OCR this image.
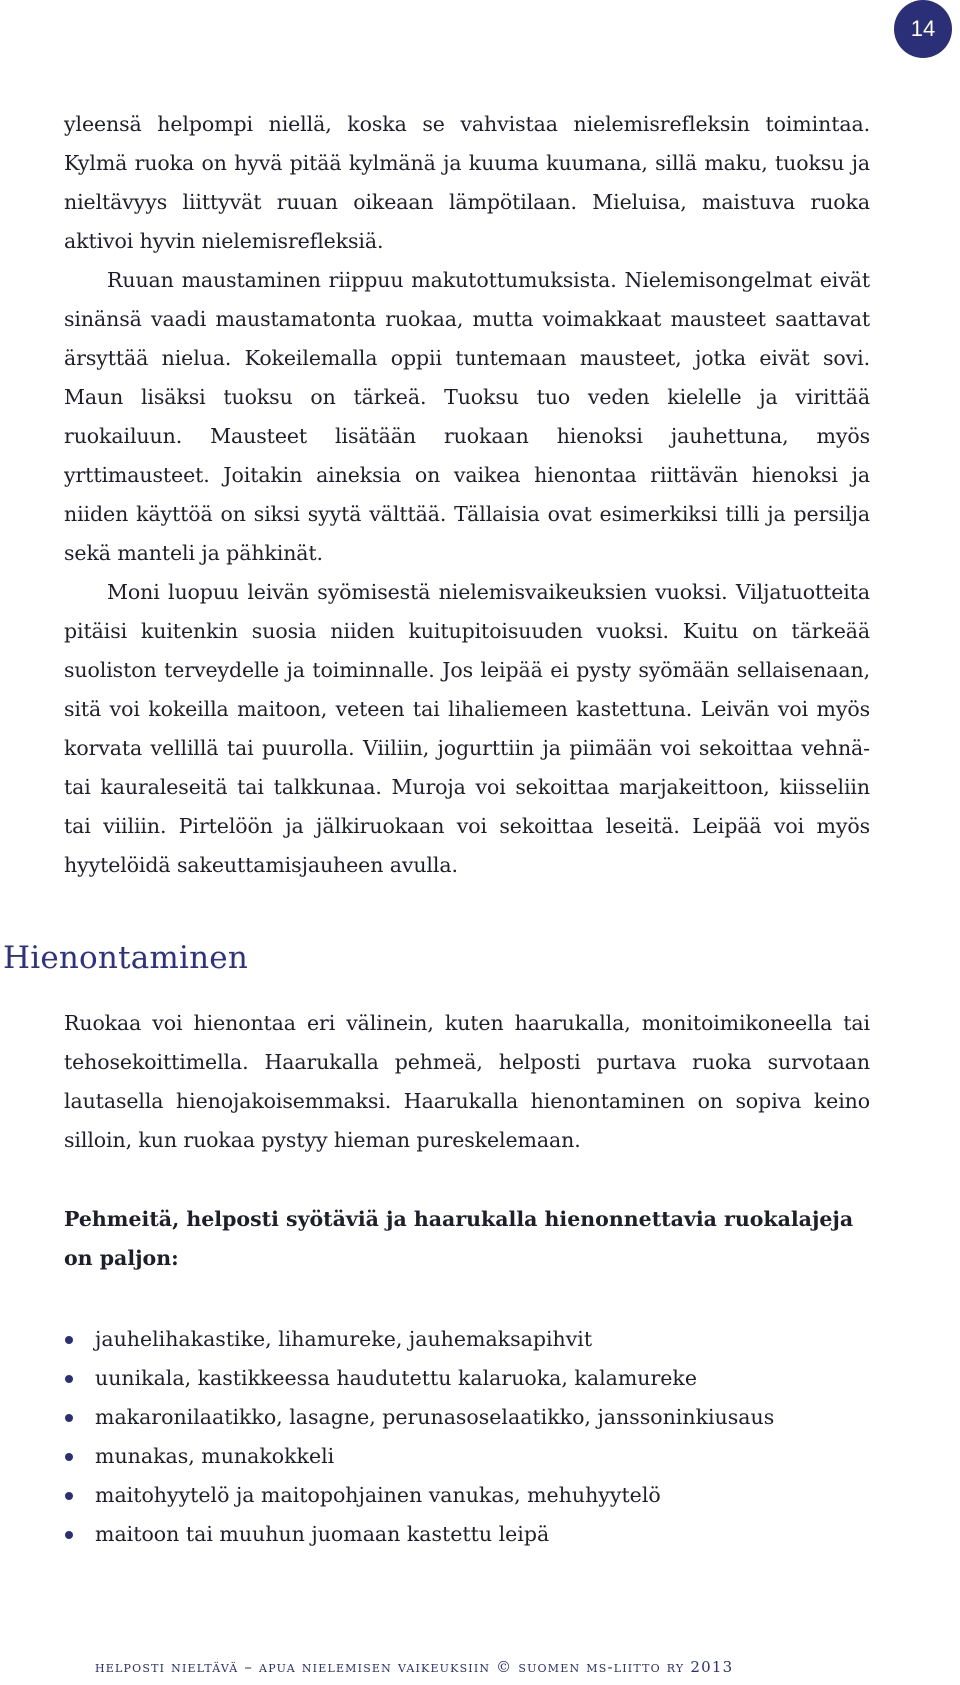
14

yleensä helpompi niellä, koska se vahvistaa nielemisrefleksin toimintaa. Kylmä ruoka on hyvä pitää kylmänä ja kuuma kuumana, sillä maku, tuoksu ja nieltävyys liittyvät ruuan oikeaan lämpötilaan. Mieluisa, maistuva ruoka aktivoi hyvin nielemisrefleksiä.

Ruuan maustaminen riippuu makutottumuksista. Nielemisongelmat eivät sinänsä vaadi maustamatonta ruokaa, mutta voimakkaat mausteet saattavat ärsyttää nielua. Kokeilemalla oppii tuntemaan mausteet, jotka eivät sovi. Maun lisäksi tuoksu on tärkeä. Tuoksu tuo veden kielelle ja virittää ruokailuun. Mausteet lisätään ruokaan hienoksi jauhettuna, myös yrttimausteet. Joitakin aineksia on vaikea hienontaa riittävän hienoksi ja niiden käyttöä on siksi syytä välttää. Tällaisia ovat esimerkiksi tilli ja persilja sekä manteli ja pähkinät.

Moni luopuu leivän syömisestä nielemisvaikeuksien vuoksi. Viljatuotteita pitäisi kuitenkin suosia niiden kuitupitoisuuden vuoksi. Kuitu on tärkeää suoliston terveydelle ja toiminnalle. Jos leipää ei pysty syömään sellaisenaan, sitä voi kokeilla maitoon, veteen tai lihaliemeen kastettuna. Leivän voi myös korvata vellillä tai puurolla. Viiliin, jogurttiin ja piimään voi sekoittaa vehnä- tai kauraleseitä tai talkkunaa. Muroja voi sekoittaa marjakeittoon, kiisseliin tai viiliin. Pirtelöön ja jälkiruokaan voi sekoittaa leseitä. Leipää voi myös hyytelöidä sakeuttamisjauheen avulla.

Hienontaminen

Ruokaa voi hienontaa eri välinein, kuten haarukalla, monitoimikoneella tai tehosekoittimella. Haarukalla pehmeä, helposti purtava ruoka survotaan lautasella hienojakoisemmaksi. Haarukalla hienontaminen on sopiva keino silloin, kun ruokaa pystyy hieman pureskelemaan.

Pehmeitä, helposti syötäviä ja haarukalla hienonnettavia ruokalajeja on paljon:

jauhelihakastike, lihamureke, jauhemaksapihvit
uunikala, kastikkeessa haudutettu kalaruoka, kalamureke
makaronilaatikko, lasagne, perunasoselaatikko, janssoninkiusaus
munakas, munakokkeli
maitohyytelö ja maitopohjainen vanukas, mehuhyytelö
maitoon tai muuhun juomaan kastettu leipä
helposti nieltävä – apua nielemisen vaikeuksiin © suomen ms-liitto ry 2013
